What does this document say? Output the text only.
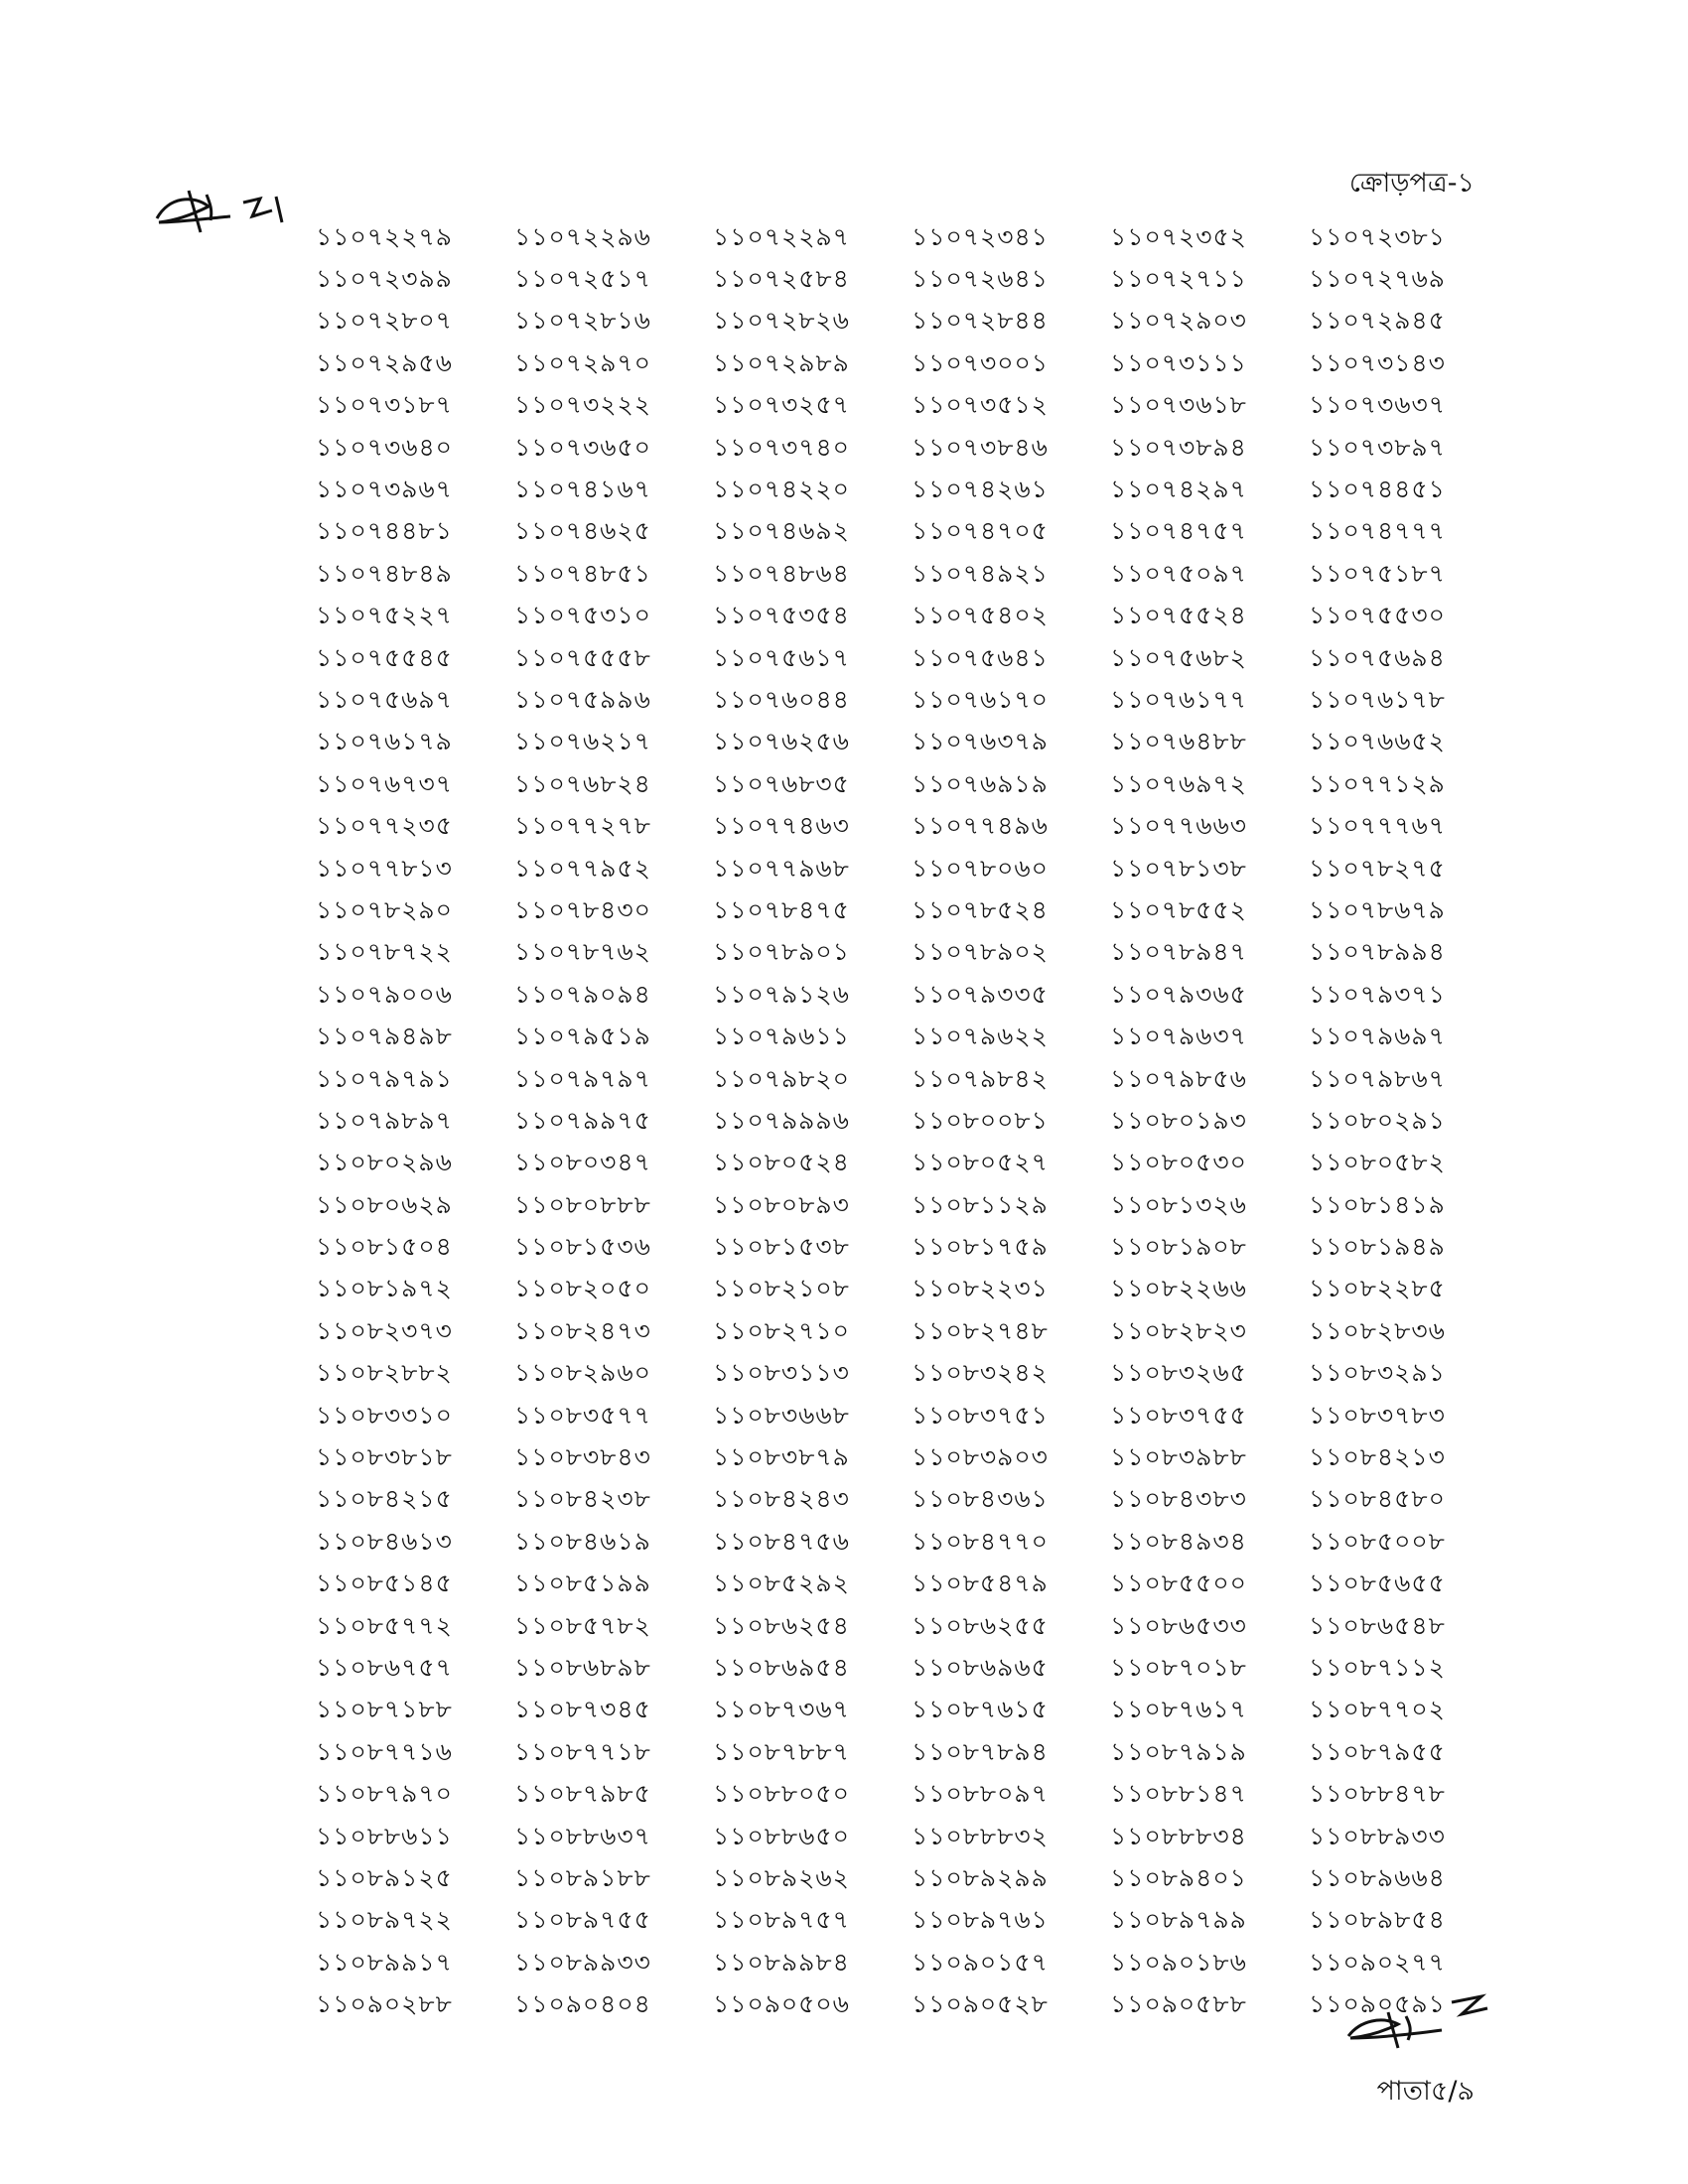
ক্রোড়পত্র-১
১১০৭২২৭৯	১১০৭২২৯৬	১১০৭২২৯৭	১১০৭২৩৪১	১১০৭২৩৫২	১১০৭২৩৮১
১১০৭২৩৯৯	১১০৭২৫১৭	১১০৭২৫৮৪	১১০৭২৬৪১	১১০৭২৭১১	১১০৭২৭৬৯
১১০৭২৮০৭	১১০৭২৮১৬	১১০৭২৮২৬	১১০৭২৮৪৪	১১০৭২৯০৩	১১০৭২৯৪৫
১১০৭২৯৫৬	১১০৭২৯৭০	১১০৭২৯৮৯	১১০৭৩০০১	১১০৭৩১১১	১১০৭৩১৪৩
১১০৭৩১৮৭	১১০৭৩২২২	১১০৭৩২৫৭	১১০৭৩৫১২	১১০৭৩৬১৮	১১০৭৩৬৩৭
১১০৭৩৬৪০	১১০৭৩৬৫০	১১০৭৩৭৪০	১১০৭৩৮৪৬	১১০৭৩৮৯৪	১১০৭৩৮৯৭
১১০৭৩৯৬৭	১১০৭৪১৬৭	১১০৭৪২২০	১১০৭৪২৬১	১১০৭৪২৯৭	১১০৭৪৪৫১
১১০৭৪৪৮১	১১০৭৪৬২৫	১১০৭৪৬৯২	১১০৭৪৭০৫	১১০৭৪৭৫৭	১১০৭৪৭৭৭
১১০৭৪৮৪৯	১১০৭৪৮৫১	১১০৭৪৮৬৪	১১০৭৪৯২১	১১০৭৫০৯৭	১১০৭৫১৮৭
১১০৭৫২২৭	১১০৭৫৩১০	১১০৭৫৩৫৪	১১০৭৫৪০২	১১০৭৫৫২৪	১১০৭৫৫৩০
১১০৭৫৫৪৫	১১০৭৫৫৫৮	১১০৭৫৬১৭	১১০৭৫৬৪১	১১০৭৫৬৮২	১১০৭৫৬৯৪
১১০৭৫৬৯৭	১১০৭৫৯৯৬	১১০৭৬০৪৪	১১০৭৬১৭০	১১০৭৬১৭৭	১১০৭৬১৭৮
১১০৭৬১৭৯	১১০৭৬২১৭	১১০৭৬২৫৬	১১০৭৬৩৭৯	১১০৭৬৪৮৮	১১০৭৬৬৫২
১১০৭৬৭৩৭	১১০৭৬৮২৪	১১০৭৬৮৩৫	১১০৭৬৯১৯	১১০৭৬৯৭২	১১০৭৭১২৯
১১০৭৭২৩৫	১১০৭৭২৭৮	১১০৭৭৪৬৩	১১০৭৭৪৯৬	১১০৭৭৬৬৩	১১০৭৭৭৬৭
১১০৭৭৮১৩	১১০৭৭৯৫২	১১০৭৭৯৬৮	১১০৭৮০৬০	১১০৭৮১৩৮	১১০৭৮২৭৫
১১০৭৮২৯০	১১০৭৮৪৩০	১১০৭৮৪৭৫	১১০৭৮৫২৪	১১০৭৮৫৫২	১১০৭৮৬৭৯
১১০৭৮৭২২	১১০৭৮৭৬২	১১০৭৮৯০১	১১০৭৮৯০২	১১০৭৮৯৪৭	১১০৭৮৯৯৪
১১০৭৯০০৬	১১০৭৯০৯৪	১১০৭৯১২৬	১১০৭৯৩৩৫	১১০৭৯৩৬৫	১১০৭৯৩৭১
১১০৭৯৪৯৮	১১০৭৯৫১৯	১১০৭৯৬১১	১১০৭৯৬২২	১১০৭৯৬৩৭	১১০৭৯৬৯৭
১১০৭৯৭৯১	১১০৭৯৭৯৭	১১০৭৯৮২০	১১০৭৯৮৪২	১১০৭৯৮৫৬	১১০৭৯৮৬৭
১১০৭৯৮৯৭	১১০৭৯৯৭৫	১১০৭৯৯৯৬	১১০৮০০৮১	১১০৮০১৯৩	১১০৮০২৯১
১১০৮০২৯৬	১১০৮০৩৪৭	১১০৮০৫২৪	১১০৮০৫২৭	১১০৮০৫৩০	১১০৮০৫৮২
১১০৮০৬২৯	১১০৮০৮৮৮	১১০৮০৮৯৩	১১০৮১১২৯	১১০৮১৩২৬	১১০৮১৪১৯
১১০৮১৫০৪	১১০৮১৫৩৬	১১০৮১৫৩৮	১১০৮১৭৫৯	১১০৮১৯০৮	১১০৮১৯৪৯
১১০৮১৯৭২	১১০৮২০৫০	১১০৮২১০৮	১১০৮২২৩১	১১০৮২২৬৬	১১০৮২২৮৫
১১০৮২৩৭৩	১১০৮২৪৭৩	১১০৮২৭১০	১১০৮২৭৪৮	১১০৮২৮২৩	১১০৮২৮৩৬
১১০৮২৮৮২	১১০৮২৯৬০	১১০৮৩১১৩	১১০৮৩২৪২	১১০৮৩২৬৫	১১০৮৩২৯১
১১০৮৩৩১০	১১০৮৩৫৭৭	১১০৮৩৬৬৮	১১০৮৩৭৫১	১১০৮৩৭৫৫	১১০৮৩৭৮৩
১১০৮৩৮১৮	১১০৮৩৮৪৩	১১০৮৩৮৭৯	১১০৮৩৯০৩	১১০৮৩৯৮৮	১১০৮৪২১৩
১১০৮৪২১৫	১১০৮৪২৩৮	১১০৮৪২৪৩	১১০৮৪৩৬১	১১০৮৪৩৮৩	১১০৮৪৫৮০
১১০৮৪৬১৩	১১০৮৪৬১৯	১১০৮৪৭৫৬	১১০৮৪৭৭০	১১০৮৪৯৩৪	১১০৮৫০০৮
১১০৮৫১৪৫	১১০৮৫১৯৯	১১০৮৫২৯২	১১০৮৫৪৭৯	১১০৮৫৫০০	১১০৮৫৬৫৫
১১০৮৫৭৭২	১১০৮৫৭৮২	১১০৮৬২৫৪	১১০৮৬২৫৫	১১০৮৬৫৩৩	১১০৮৬৫৪৮
১১০৮৬৭৫৭	১১০৮৬৮৯৮	১১০৮৬৯৫৪	১১০৮৬৯৬৫	১১০৮৭০১৮	১১০৮৭১১২
১১০৮৭১৮৮	১১০৮৭৩৪৫	১১০৮৭৩৬৭	১১০৮৭৬১৫	১১০৮৭৬১৭	১১০৮৭৭০২
১১০৮৭৭১৬	১১০৮৭৭১৮	১১০৮৭৮৮৭	১১০৮৭৮৯৪	১১০৮৭৯১৯	১১০৮৭৯৫৫
১১০৮৭৯৭০	১১০৮৭৯৮৫	১১০৮৮০৫০	১১০৮৮০৯৭	১১০৮৮১৪৭	১১০৮৮৪৭৮
১১০৮৮৬১১	১১০৮৮৬৩৭	১১০৮৮৬৫০	১১০৮৮৮৩২	১১০৮৮৮৩৪	১১০৮৮৯৩৩
১১০৮৯১২৫	১১০৮৯১৮৮	১১০৮৯২৬২	১১০৮৯২৯৯	১১০৮৯৪০১	১১০৮৯৬৬৪
১১০৮৯৭২২	১১০৮৯৭৫৫	১১০৮৯৭৫৭	১১০৮৯৭৬১	১১০৮৯৭৯৯	১১০৮৯৮৫৪
১১০৮৯৯১৭	১১০৮৯৯৩৩	১১০৮৯৯৮৪	১১০৯০১৫৭	১১০৯০১৮৬	১১০৯০২৭৭
১১০৯০২৮৮	১১০৯০৪০৪	১১০৯০৫০৬	১১০৯০৫২৮	১১০৯০৫৮৮	১১০৯০৫৯১
পাতা৫/৯
